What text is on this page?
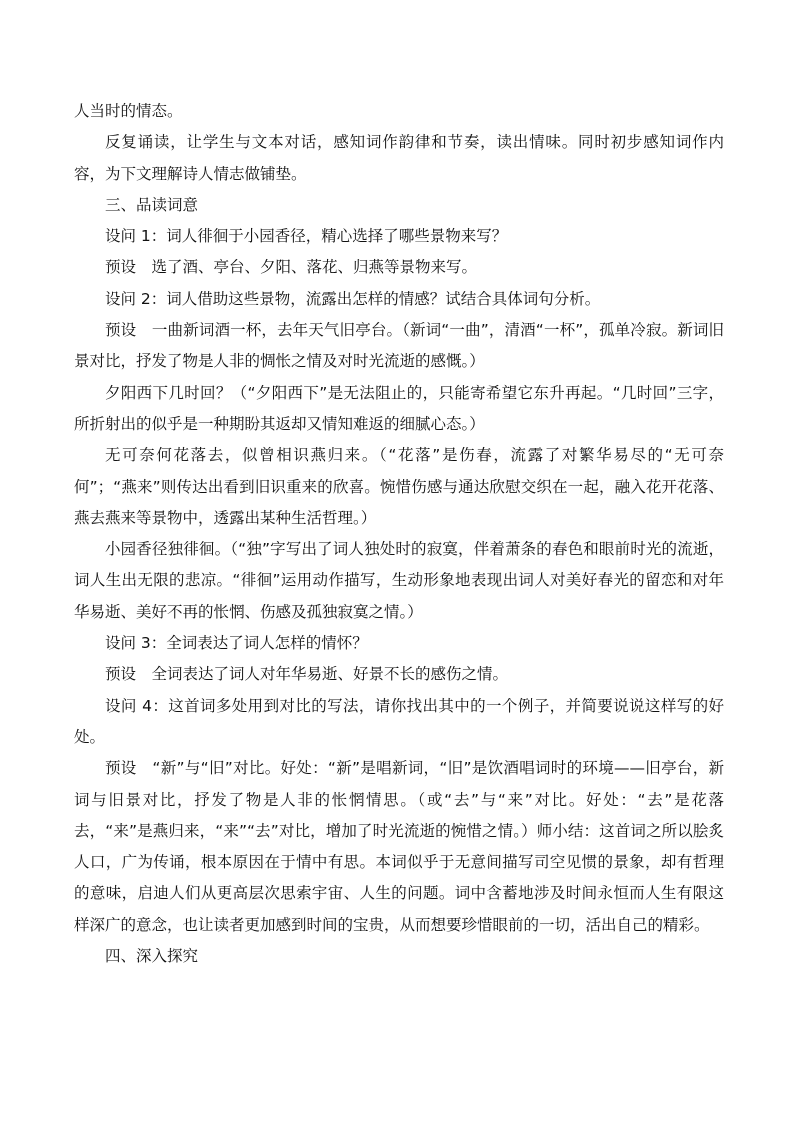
人当时的情态。

反复诵读，让学生与文本对话，感知词作韵律和节奏，读出情味。同时初步感知词作内容，为下文理解诗人情志做铺垫。

三、品读词意

设问 1：词人徘徊于小园香径，精心选择了哪些景物来写？

预设　选了酒、亭台、夕阳、落花、归燕等景物来写。

设问 2：词人借助这些景物，流露出怎样的情感？试结合具体词句分析。

预设　一曲新词酒一杯，去年天气旧亭台。（新词“一曲”，清酒“一杯”，孤单冷寂。新词旧景对比，抒发了物是人非的惆怅之情及对时光流逝的感慨。）

夕阳西下几时回？（“夕阳西下”是无法阻止的，只能寄希望它东升再起。“几时回”三字，所折射出的似乎是一种期盼其返却又情知难返的细腻心态。）

无可奈何花落去，似曾相识燕归来。（“花落”是伤春，流露了对繁华易尽的“无可奈何”；“燕来”则传达出看到旧识重来的欣喜。惋惜伤感与通达欣慰交织在一起，融入花开花落、燕去燕来等景物中，透露出某种生活哲理。）

小园香径独徘徊。（“独”字写出了词人独处时的寂寞，伴着萧条的春色和眼前时光的流逝，词人生出无限的悲凉。“徘徊”运用动作描写，生动形象地表现出词人对美好春光的留恋和对年华易逝、美好不再的怅惘、伤感及孤独寂寞之情。）

设问 3：全词表达了词人怎样的情怀？

预设　全词表达了词人对年华易逝、好景不长的感伤之情。

设问 4：这首词多处用到对比的写法，请你找出其中的一个例子，并简要说说这样写的好处。

预设　“新”与“旧”对比。好处：“新”是唱新词，“旧”是饮酒唱词时的环境——旧亭台，新词与旧景对比，抒发了物是人非的怅惘情思。（或“去”与“来”对比。好处：“去”是花落去，“来”是燕归来，“来”“去”对比，增加了时光流逝的惋惜之情。）师小结：这首词之所以脍炙人口，广为传诵，根本原因在于情中有思。本词似乎于无意间描写司空见惯的景象，却有哲理的意味，启迪人们从更高层次思索宇宙、人生的问题。词中含蓄地涉及时间永恒而人生有限这样深广的意念，也让读者更加感到时间的宝贵，从而想要珍惜眼前的一切，活出自己的精彩。

四、深入探究
